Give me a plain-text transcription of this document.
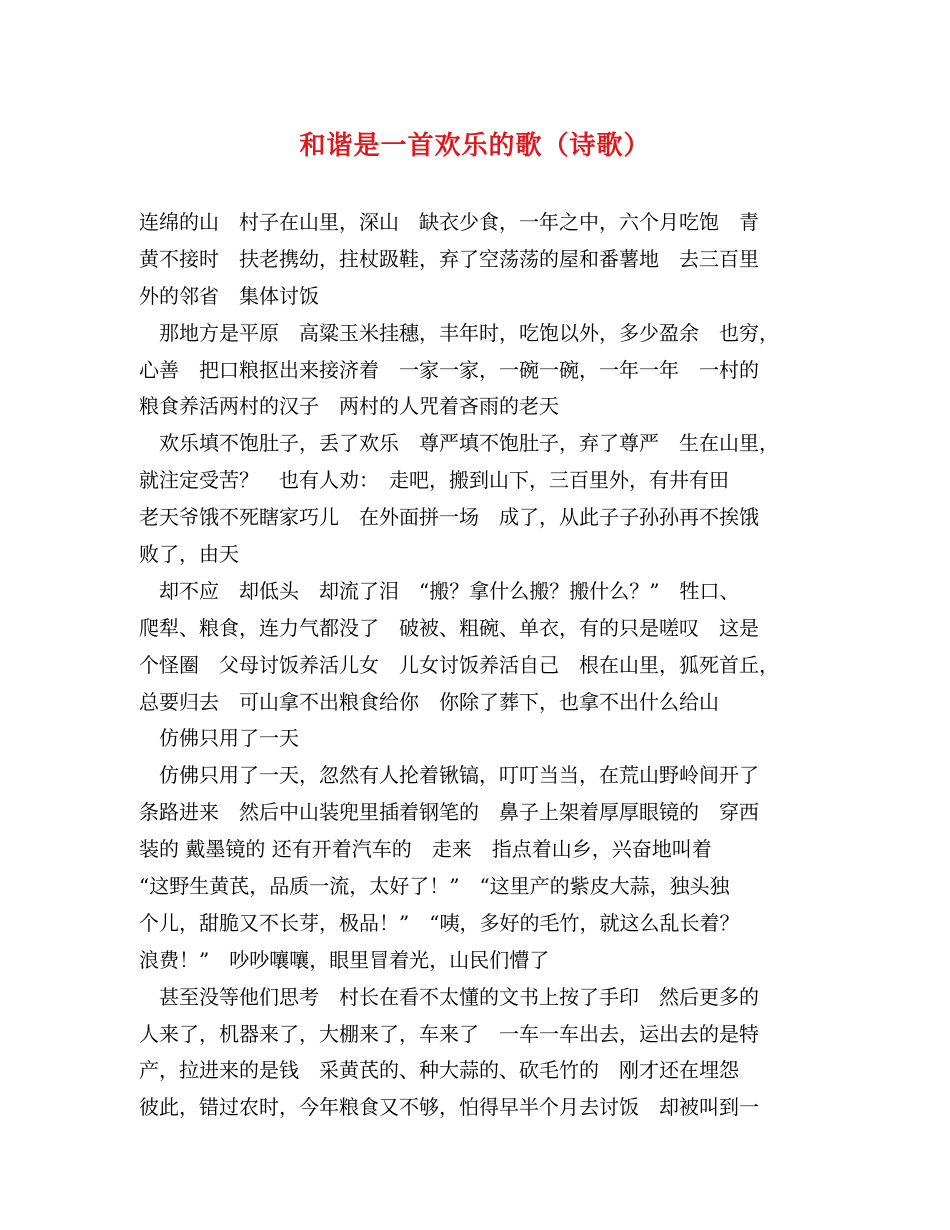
和谐是一首欢乐的歌（诗歌）
连绵的山　村子在山里，深山　缺衣少食，一年之中，六个月吃饱　青
黄不接时　扶老携幼，拄杖趿鞋，弃了空荡荡的屋和番薯地　去三百里
外的邻省　集体讨饭
　那地方是平原　高粱玉米挂穗，丰年时，吃饱以外，多少盈余　也穷，
心善　把口粮抠出来接济着　一家一家，一碗一碗，一年一年　一村的
粮食养活两村的汉子　两村的人咒着吝雨的老天
　欢乐填不饱肚子，丢了欢乐　尊严填不饱肚子，弃了尊严　生在山里，
就注定受苦？　也有人劝：　走吧，搬到山下，三百里外，有井有田
老天爷饿不死瞎家巧儿　在外面拼一场　成了，从此子子孙孙再不挨饿
败了，由天
　却不应　却低头　却流了泪　“搬？拿什么搬？搬什么？”　牲口、
爬犁、粮食，连力气都没了　破被、粗碗、单衣，有的只是嗟叹　这是
个怪圈　父母讨饭养活儿女　儿女讨饭养活自己　根在山里，狐死首丘，
总要归去　可山拿不出粮食给你　你除了葬下，也拿不出什么给山
　仿佛只用了一天
　仿佛只用了一天，忽然有人抡着锹镐，叮叮当当，在荒山野岭间开了
条路进来　然后中山装兜里插着钢笔的　鼻子上架着厚厚眼镜的　穿西
装的 戴墨镜的 还有开着汽车的　走来　指点着山乡，兴奋地叫着
“这野生黄芪，品质一流，太好了！”　“这里产的紫皮大蒜，独头独
个儿，甜脆又不长芽，极品！”　“咦，多好的毛竹，就这么乱长着？
浪费！”　吵吵嚷嚷，眼里冒着光，山民们懵了
　甚至没等他们思考　村长在看不太懂的文书上按了手印　然后更多的
人来了，机器来了，大棚来了，车来了　一车一车出去，运出去的是特
产，拉进来的是钱　采黄芪的、种大蒜的、砍毛竹的　刚才还在埋怨
彼此，错过农时，今年粮食又不够，怕得早半个月去讨饭　却被叫到一
